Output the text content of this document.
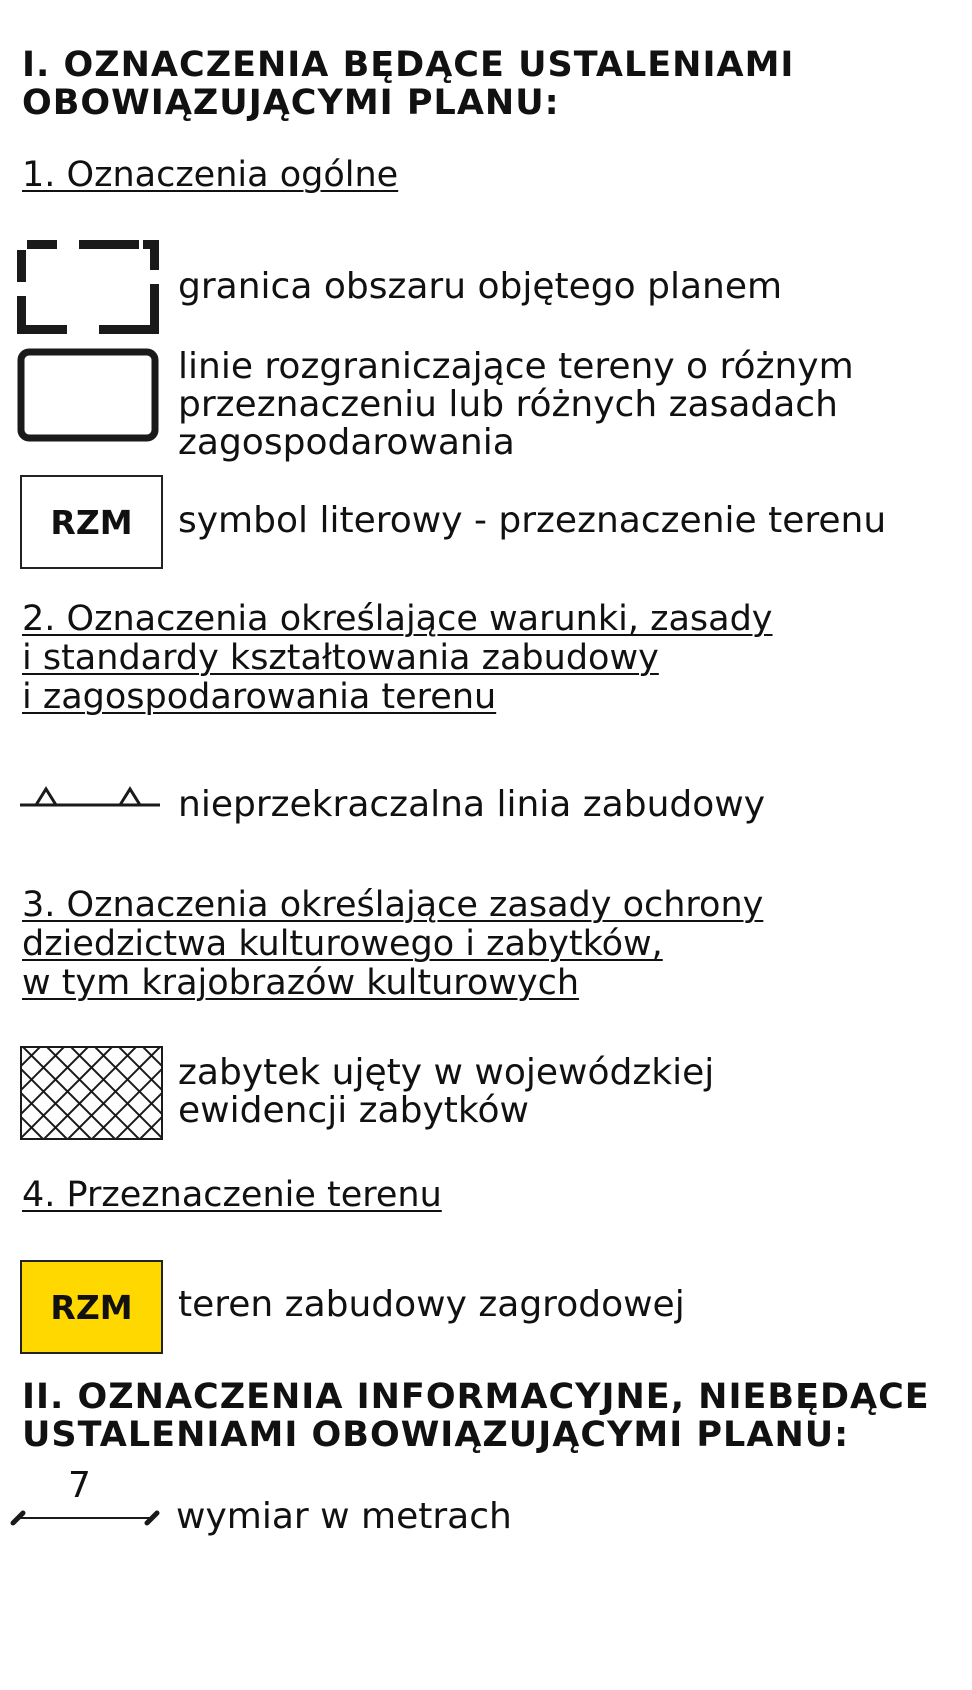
I. OZNACZENIA BĘDĄCE USTALENIAMI
OBOWIĄZUJĄCYMI PLANU:
1. Oznaczenia ogólne
granica obszaru objętego planem
linie rozgraniczające tereny o różnym
przeznaczeniu lub różnych zasadach
zagospodarowania
RZM	symbol literowy - przeznaczenie terenu
2. Oznaczenia określające warunki, zasady
i standardy kształtowania zabudowy
i zagospodarowania terenu
nieprzekraczalna linia zabudowy
3. Oznaczenia określające zasady ochrony
dziedzictwa kulturowego i zabytków,
w tym krajobrazów kulturowych
zabytek ujęty w wojewódzkiej
ewidencji zabytków
4. Przeznaczenie terenu
RZM	teren zabudowy zagrodowej
II. OZNACZENIA INFORMACYJNE, NIEBĘDĄCE
USTALENIAMI OBOWIĄZUJĄCYMI PLANU:
7
wymiar w metrach
